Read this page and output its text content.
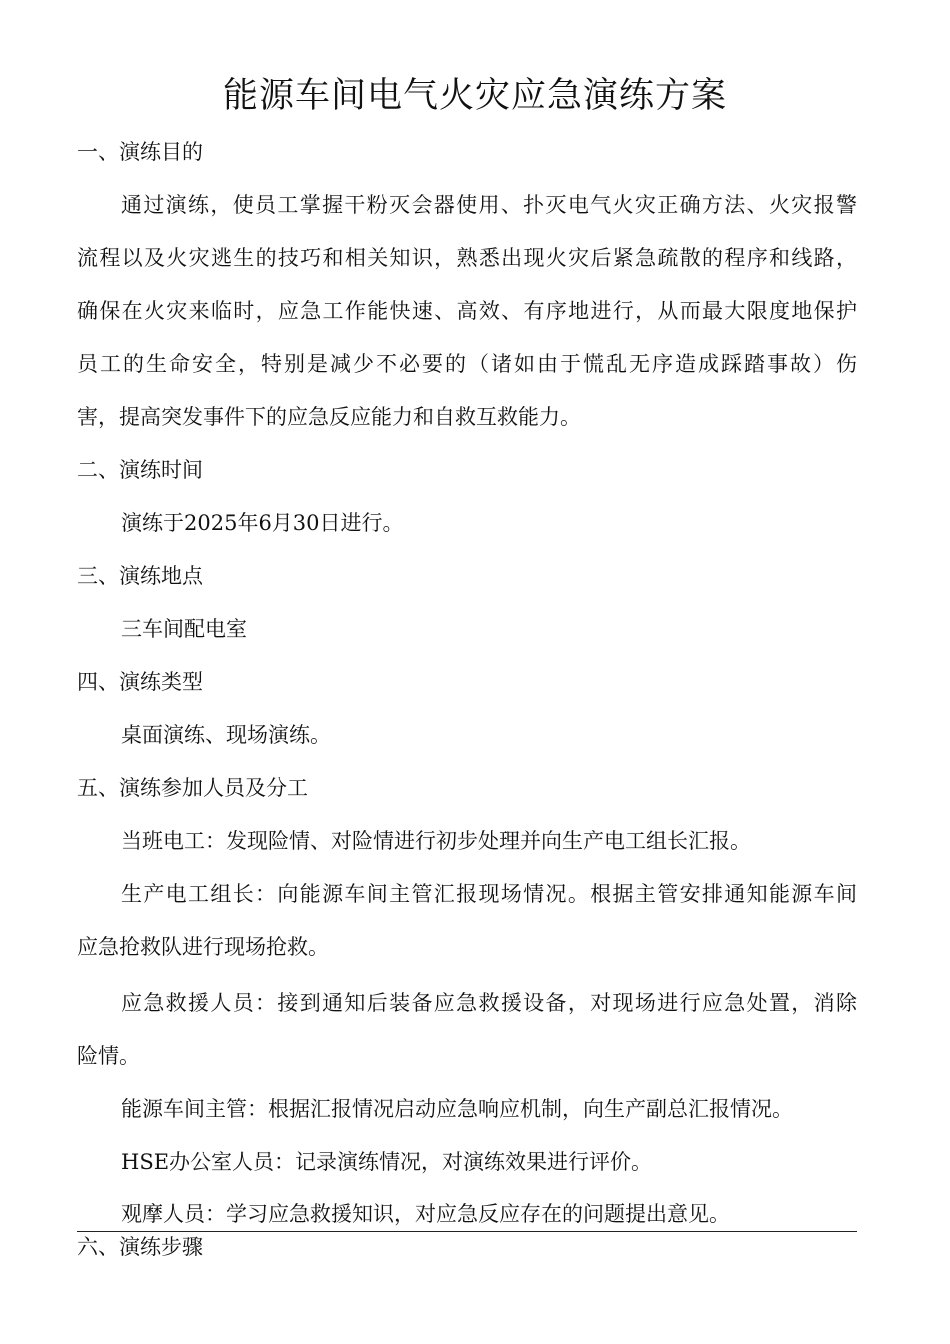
能源车间电气火灾应急演练方案
一、演练目的
通过演练，使员工掌握干粉灭会器使用、扑灭电气火灾正确方法、火灾报警
流程以及火灾逃生的技巧和相关知识，熟悉出现火灾后紧急疏散的程序和线路，
确保在火灾来临时，应急工作能快速、高效、有序地进行，从而最大限度地保护
员工的生命安全，特别是减少不必要的（诸如由于慌乱无序造成踩踏事故）伤
害，提高突发事件下的应急反应能力和自救互救能力。
二、演练时间
演练于2025年6月30日进行。
三、演练地点
三车间配电室
四、演练类型
桌面演练、现场演练。
五、演练参加人员及分工
当班电工：发现险情、对险情进行初步处理并向生产电工组长汇报。
生产电工组长：向能源车间主管汇报现场情况。根据主管安排通知能源车间
应急抢救队进行现场抢救。
应急救援人员：接到通知后装备应急救援设备，对现场进行应急处置，消除
险情。
能源车间主管：根据汇报情况启动应急响应机制，向生产副总汇报情况。
HSE办公室人员：记录演练情况，对演练效果进行评价。
观摩人员：学习应急救援知识，对应急反应存在的问题提出意见。
六、演练步骤
